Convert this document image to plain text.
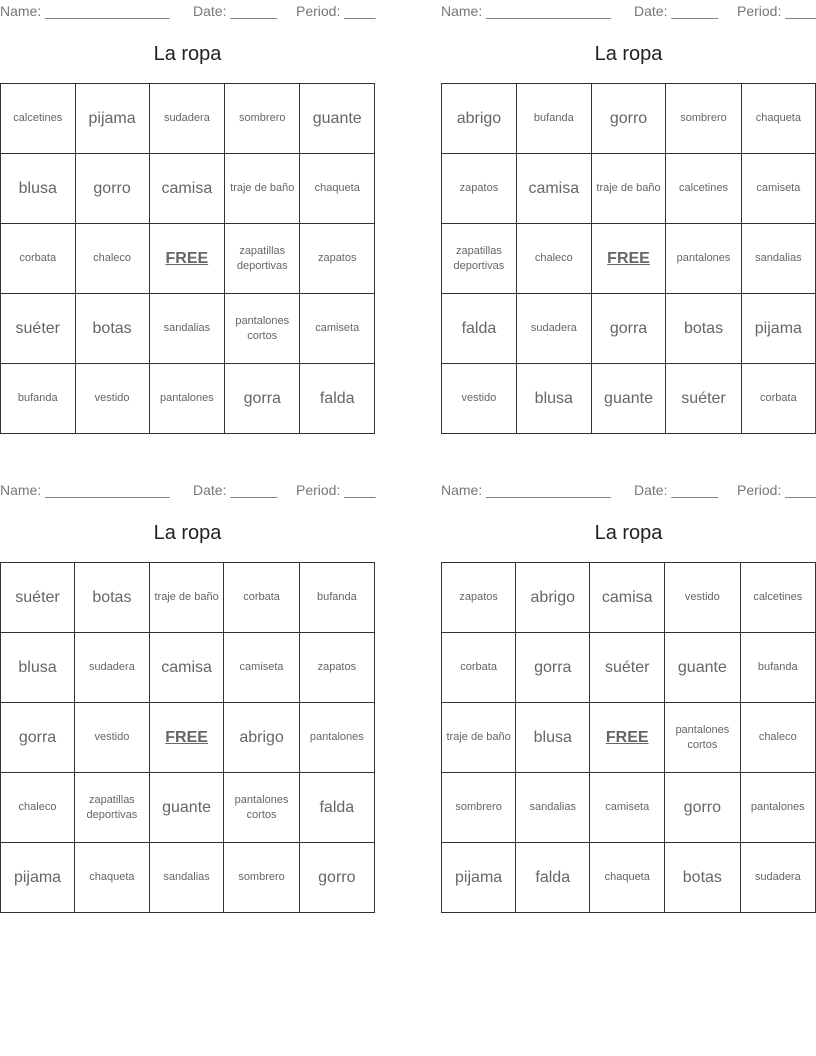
Name: ________________ Date: ______ Period: ____
La ropa
calcetines	pijama	sudadera	sombrero	guante
blusa	gorro	camisa	traje de baño	chaqueta
corbata	chaleco	FREE	zapatillas deportivas	zapatos
suéter	botas	sandalias	pantalones cortos	camiseta
bufanda	vestido	pantalones	gorra	falda
Name: ________________ Date: ______ Period: ____
La ropa
abrigo	bufanda	gorro	sombrero	chaqueta
zapatos	camisa	traje de baño	calcetines	camiseta
zapatillas deportivas	chaleco	FREE	pantalones	sandalias
falda	sudadera	gorra	botas	pijama
vestido	blusa	guante	suéter	corbata
Name: ________________ Date: ______ Period: ____
La ropa
suéter	botas	traje de baño	corbata	bufanda
blusa	sudadera	camisa	camiseta	zapatos
gorra	vestido	FREE	abrigo	pantalones
chaleco	zapatillas deportivas	guante	pantalones cortos	falda
pijama	chaqueta	sandalias	sombrero	gorro
Name: ________________ Date: ______ Period: ____
La ropa
zapatos	abrigo	camisa	vestido	calcetines
corbata	gorra	suéter	guante	bufanda
traje de baño	blusa	FREE	pantalones cortos	chaleco
sombrero	sandalias	camiseta	gorro	pantalones
pijama	falda	chaqueta	botas	sudadera
